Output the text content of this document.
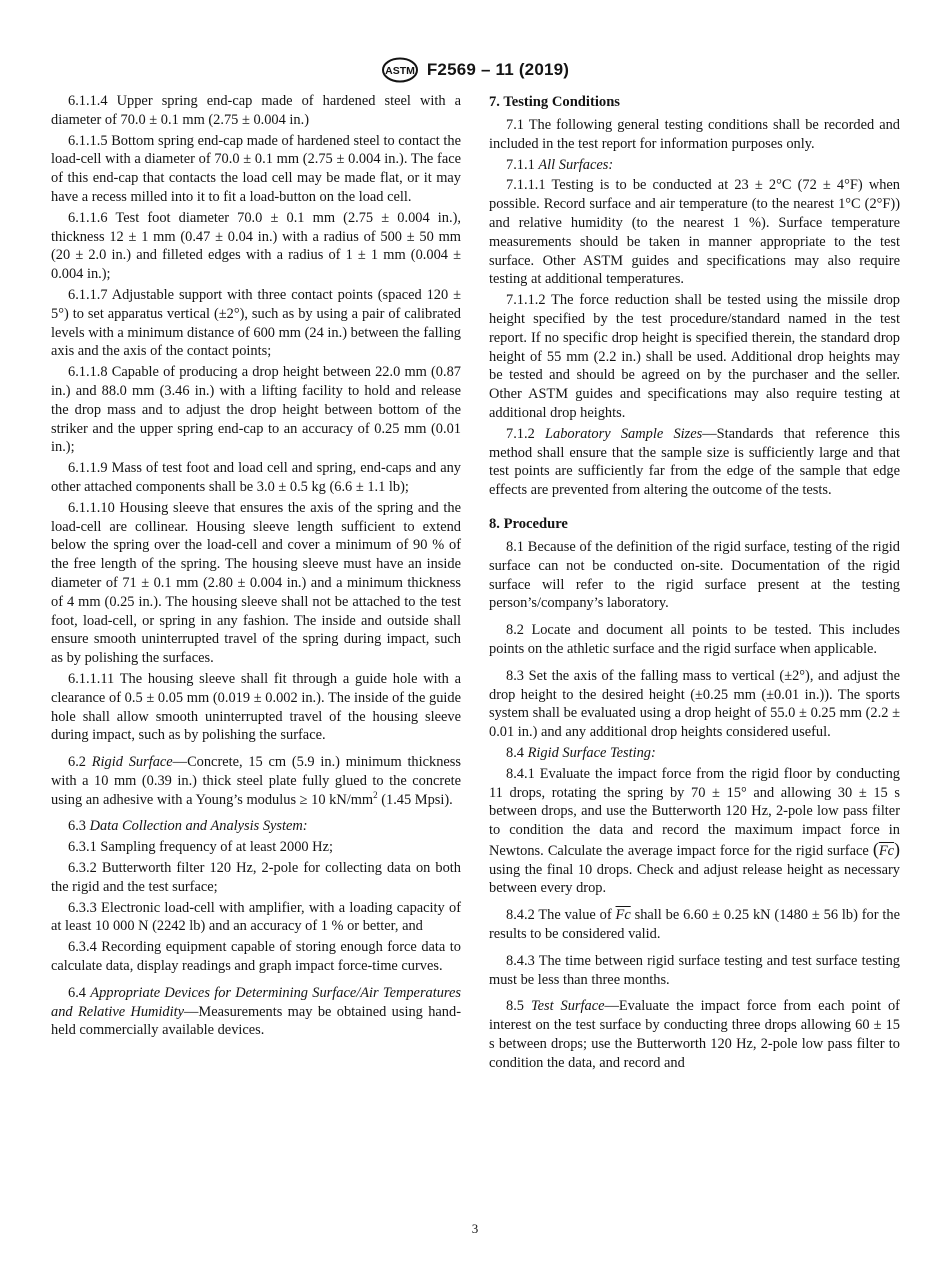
ASTM F2569 – 11 (2019)

6.1.1.4 Upper spring end-cap made of hardened steel with a diameter of 70.0 ± 0.1 mm (2.75 ± 0.004 in.)

6.1.1.5 Bottom spring end-cap made of hardened steel to contact the load-cell with a diameter of 70.0 ± 0.1 mm (2.75 ± 0.004 in.). The face of this end-cap that contacts the load cell may be made flat, or it may have a recess milled into it to fit a load-button on the load cell.

6.1.1.6 Test foot diameter 70.0 ± 0.1 mm (2.75 ± 0.004 in.), thickness 12 ± 1 mm (0.47 ± 0.04 in.) with a radius of 500 ± 50 mm (20 ± 2.0 in.) and filleted edges with a radius of 1 ± 1 mm (0.004 ± 0.004 in.);

6.1.1.7 Adjustable support with three contact points (spaced 120 ± 5°) to set apparatus vertical (±2°), such as by using a pair of calibrated levels with a minimum distance of 600 mm (24 in.) between the falling axis and the axis of the contact points;

6.1.1.8 Capable of producing a drop height between 22.0 mm (0.87 in.) and 88.0 mm (3.46 in.) with a lifting facility to hold and release the drop mass and to adjust the drop height between bottom of the striker and the upper spring end-cap to an accuracy of 0.25 mm (0.01 in.);

6.1.1.9 Mass of test foot and load cell and spring, end-caps and any other attached components shall be 3.0 ± 0.5 kg (6.6 ± 1.1 lb);

6.1.1.10 Housing sleeve that ensures the axis of the spring and the load-cell are collinear. Housing sleeve length sufficient to extend below the spring over the load-cell and cover a minimum of 90 % of the free length of the spring. The housing sleeve must have an inside diameter of 71 ± 0.1 mm (2.80 ± 0.004 in.) and a minimum thickness of 4 mm (0.25 in.). The housing sleeve shall not be attached to the test foot, load-cell, or spring in any fashion. The inside and outside shall ensure smooth uninterrupted travel of the spring during impact, such as by polishing the surfaces.

6.1.1.11 The housing sleeve shall fit through a guide hole with a clearance of 0.5 ± 0.05 mm (0.019 ± 0.002 in.). The inside of the guide hole shall allow smooth uninterrupted travel of the housing sleeve during impact, such as by polishing the surface.

6.2 Rigid Surface—Concrete, 15 cm (5.9 in.) minimum thickness with a 10 mm (0.39 in.) thick steel plate fully glued to the concrete using an adhesive with a Young’s modulus ≥ 10 $kN/mm^2$ (1.45 Mpsi).

6.3 Data Collection and Analysis System:

6.3.1 Sampling frequency of at least 2000 Hz;

6.3.2 Butterworth filter 120 Hz, 2-pole for collecting data on both the rigid and the test surface;

6.3.3 Electronic load-cell with amplifier, with a loading capacity of at least 10 000 N (2242 lb) and an accuracy of 1 % or better, and

6.3.4 Recording equipment capable of storing enough force data to calculate data, display readings and graph impact force-time curves.

6.4 Appropriate Devices for Determining Surface/Air Temperatures and Relative Humidity—Measurements may be obtained using hand-held commercially available devices.

7. Testing Conditions

7.1 The following general testing conditions shall be recorded and included in the test report for information purposes only.

7.1.1 All Surfaces:

7.1.1.1 Testing is to be conducted at 23 ± 2°C (72 ± 4°F) when possible. Record surface and air temperature (to the nearest 1°C (2°F)) and relative humidity (to the nearest 1 %). Surface temperature measurements should be taken in manner appropriate to the test surface. Other ASTM guides and specifications may also require testing at additional temperatures.

7.1.1.2 The force reduction shall be tested using the missile drop height specified by the test procedure/standard named in the test report. If no specific drop height is specified therein, the standard drop height of 55 mm (2.2 in.) shall be used. Additional drop heights may be tested and should be agreed on by the purchaser and the seller. Other ASTM guides and specifications may also require testing at additional drop heights.

7.1.2 Laboratory Sample Sizes—Standards that reference this method shall ensure that the sample size is sufficiently large and that test points are sufficiently far from the edge of the sample that edge effects are prevented from altering the outcome of the tests.

8. Procedure

8.1 Because of the definition of the rigid surface, testing of the rigid surface can not be conducted on-site. Documentation of the rigid surface will refer to the rigid surface present at the testing person’s/company’s laboratory.

8.2 Locate and document all points to be tested. This includes points on the athletic surface and the rigid surface when applicable.

8.3 Set the axis of the falling mass to vertical (±2°), and adjust the drop height to the desired height (±0.25 mm (±0.01 in.)). The sports system shall be evaluated using a drop height of 55.0 ± 0.25 mm (2.2 ± 0.01 in.) and any additional drop heights considered useful.

8.4 Rigid Surface Testing:

8.4.1 Evaluate the impact force from the rigid floor by conducting 11 drops, rotating the spring by 70 ± 15° and allowing 30 ± 15 s between drops, and use the Butterworth 120 Hz, 2-pole low pass filter to condition the data and record the maximum impact force in Newtons. Calculate the average impact force for the rigid surface $(\overline{Fc})$ using the final 10 drops. Check and adjust release height as necessary between every drop.

8.4.2 The value of $\overline{Fc}$ shall be 6.60 ± 0.25 kN (1480 ± 56 lb) for the results to be considered valid.

8.4.3 The time between rigid surface testing and test surface testing must be less than three months.

8.5 Test Surface—Evaluate the impact force from each point of interest on the test surface by conducting three drops allowing 60 ± 15 s between drops; use the Butterworth 120 Hz, 2-pole low pass filter to condition the data, and record and

3
